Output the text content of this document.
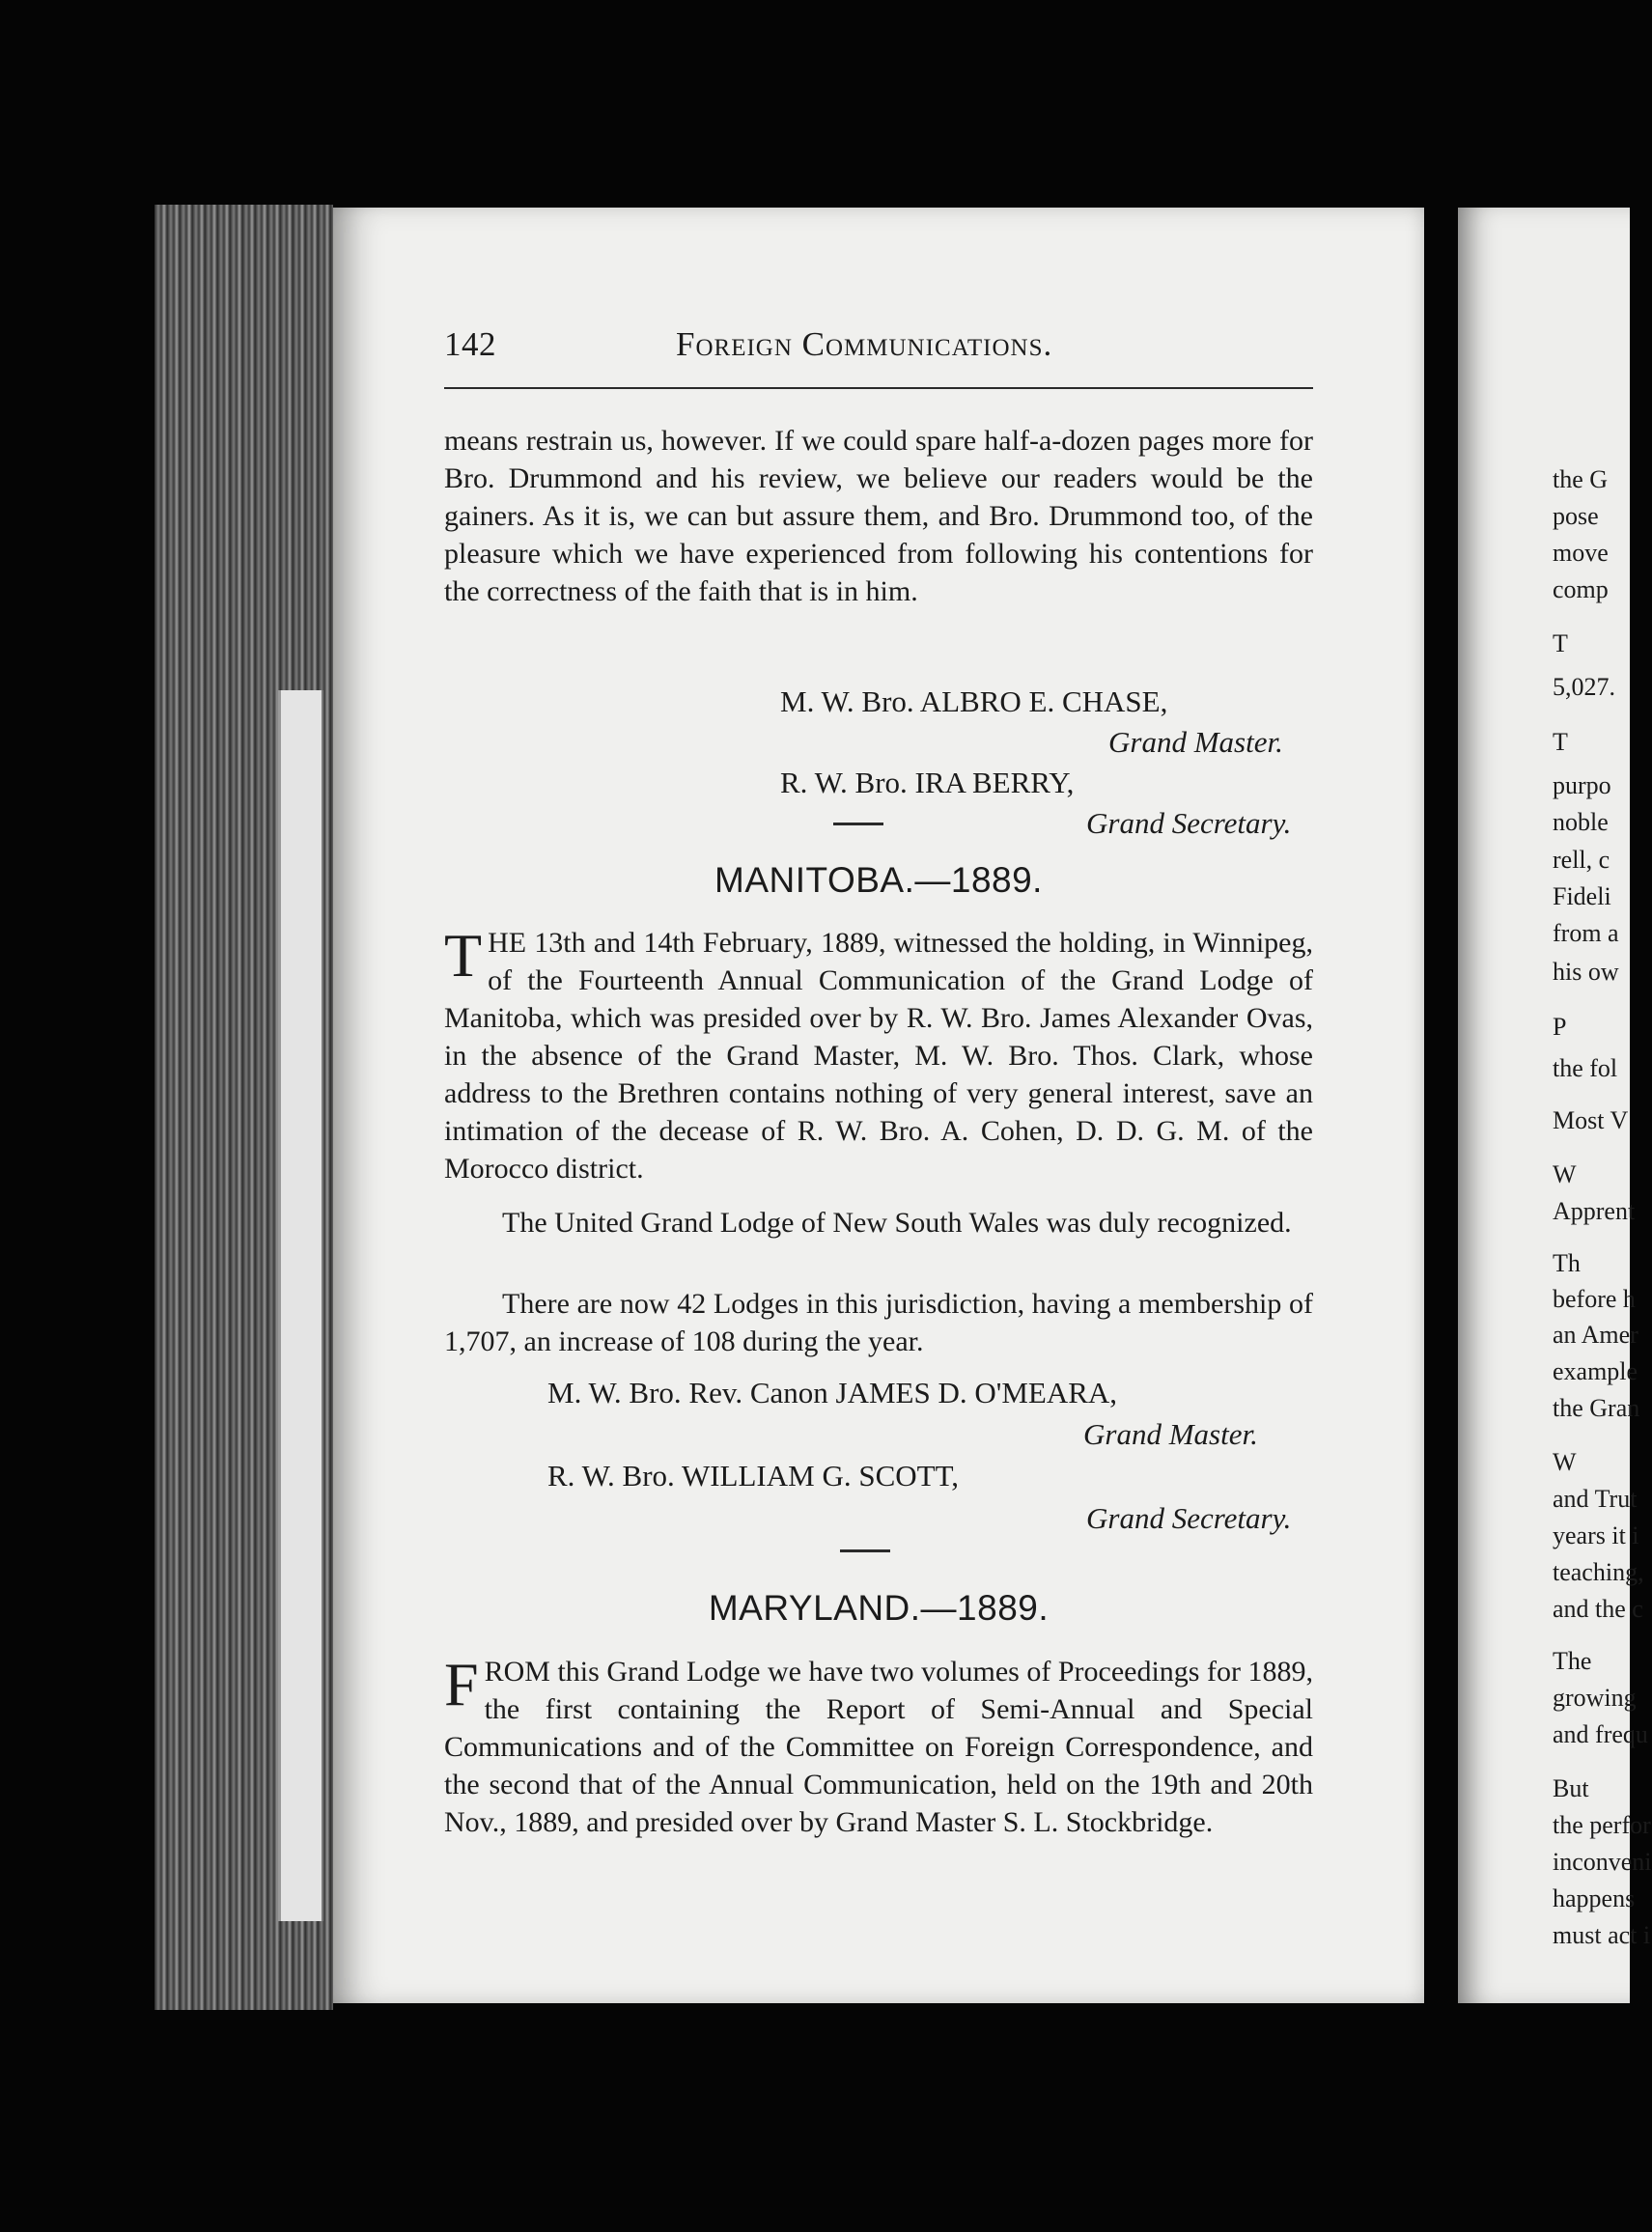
142	Foreign Communications.

means restrain us, however. If we could spare half-a-dozen pages more for Bro. Drummond and his review, we believe our readers would be the gainers. As it is, we can but assure them, and Bro. Drummond too, of the pleasure which we have experienced from following his contentions for the correctness of the faith that is in him.

M. W. Bro. ALBRO E. CHASE,
Grand Master.
R. W. Bro. IRA BERRY,
Grand Secretary.
MANITOBA.—1889.

THE 13th and 14th February, 1889, witnessed the holding, in Winnipeg, of the Fourteenth Annual Communication of the Grand Lodge of Manitoba, which was presided over by R. W. Bro. James Alexander Ovas, in the absence of the Grand Master, M. W. Bro. Thos. Clark, whose address to the Brethren contains nothing of very general interest, save an intimation of the decease of R. W. Bro. A. Cohen, D. D. G. M. of the Morocco district.

The United Grand Lodge of New South Wales was duly recognized.

There are now 42 Lodges in this jurisdiction, having a membership of 1,707, an increase of 108 during the year.

M. W. Bro. Rev. Canon JAMES D. O'MEARA,
Grand Master.
R. W. Bro. WILLIAM G. SCOTT,
Grand Secretary.
MARYLAND.—1889.

FROM this Grand Lodge we have two volumes of Proceedings for 1889, the first containing the Report of Semi-Annual and Special Communications and of the Committee on Foreign Correspondence, and the second that of the Annual Communication, held on the 19th and 20th Nov., 1889, and presided over by Grand Master S. L. Stockbridge.

the G
pose
move
comp
T
5,027.
T
purpo
noble
rell, c
Fideli
from a
his ow
P
the fol
Most V
W
Apprent
Th
before h
an Amer
example
the Gran
W
and Trut
years it i
teaching,
and the c
The
growing
and frequ
But
the perfor
inconveni
happens
must act i
